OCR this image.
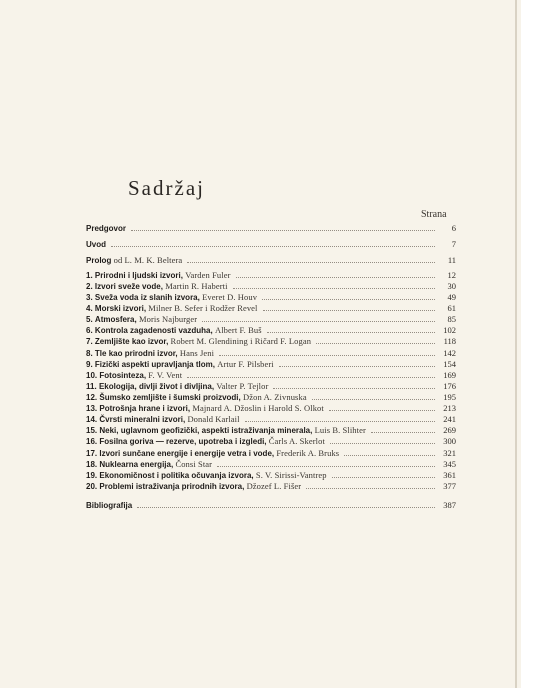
Sadržaj
Strana
Predgovor	6
Uvod	7
Prolog od L. M. K. Beltera	11
1. Prirodni i ljudski izvori, Varden Fuler	12
2. Izvori sveže vode, Martin R. Haberti	30
3. Sveža voda iz slanih izvora, Everet D. Houv	49
4. Morski izvori, Milner B. Sefer i Rodžer Revel	61
5. Atmosfera, Moris Najburger	85
6. Kontrola zagadenosti vazduha, Albert F. Buš	102
7. Zemljište kao izvor, Robert M. Glendining i Ričard F. Logan	118
8. Tle kao prirodni izvor, Hans Jeni	142
9. Fizički aspekti upravljanja tlom, Artur F. Pilsberi	154
10. Fotosinteza, F. V. Vent	169
11. Ekologija, divlji život i divljina, Valter P. Tejlor	176
12. Šumsko zemljište i šumski proizvodi, Džon A. Zivnuska	195
13. Potrošnja hrane i izvori, Majnard A. Džoslin i Harold S. Olkot	213
14. Čvrsti mineralni izvori, Donald Karlail	241
15. Neki, uglavnom geofizički, aspekti istraživanja minerala, Luis B. Slihter	269
16. Fosilna goriva — rezerve, upotreba i izgledi, Čarls A. Skerlot	300
17. Izvori sunčane energije i energije vetra i vode, Frederik A. Bruks	321
18. Nuklearna energija, Čonsi Star	345
19. Ekonomičnost i politika očuvanja izvora, S. V. Sirissi-Vantrep	361
20. Problemi istraživanja prirodnih izvora, Džozef L. Fišer	377
Bibliografija	387
